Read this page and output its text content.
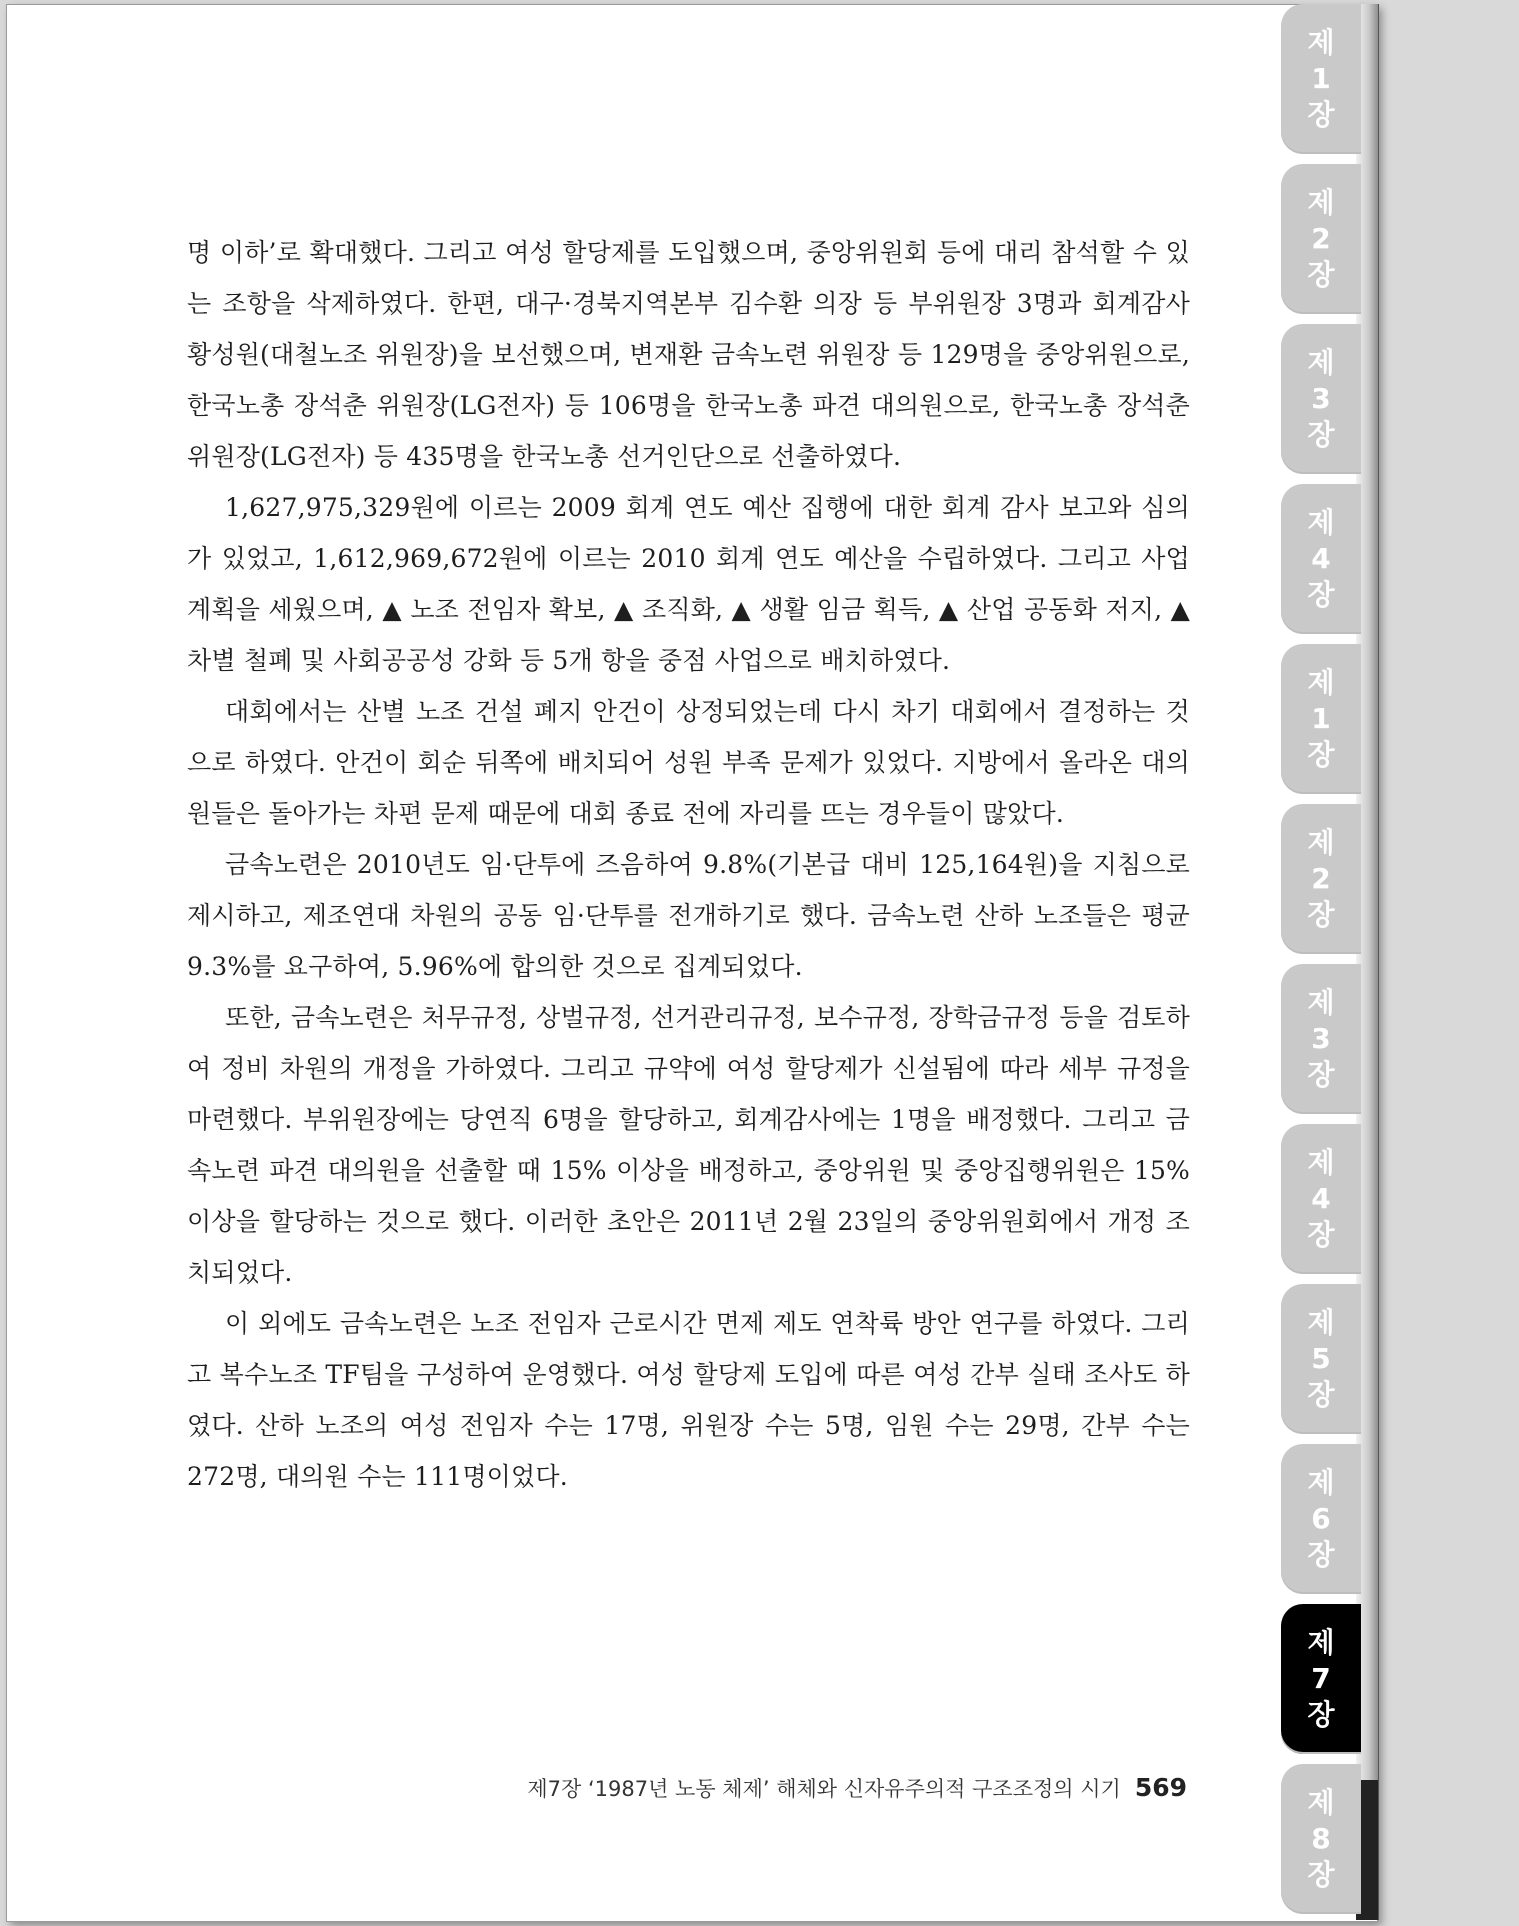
명 이하’로 확대했다. 그리고 여성 할당제를 도입했으며, 중앙위원회 등에 대리 참석할 수 있는 조항을 삭제하였다. 한편, 대구·경북지역본부 김수환 의장 등 부위원장 3명과 회계감사 황성원(대철노조 위원장)을 보선했으며, 변재환 금속노련 위원장 등 129명을 중앙위원으로, 한국노총 장석춘 위원장(LG전자) 등 106명을 한국노총 파견 대의원으로, 한국노총 장석춘 위원장(LG전자) 등 435명을 한국노총 선거인단으로 선출하였다.

1,627,975,329원에 이르는 2009 회계 연도 예산 집행에 대한 회계 감사 보고와 심의가 있었고, 1,612,969,672원에 이르는 2010 회계 연도 예산을 수립하였다. 그리고 사업 계획을 세웠으며, ▲ 노조 전임자 확보, ▲ 조직화, ▲ 생활 임금 획득, ▲ 산업 공동화 저지, ▲ 차별 철폐 및 사회공공성 강화 등 5개 항을 중점 사업으로 배치하였다.

대회에서는 산별 노조 건설 폐지 안건이 상정되었는데 다시 차기 대회에서 결정하는 것으로 하였다. 안건이 회순 뒤쪽에 배치되어 성원 부족 문제가 있었다. 지방에서 올라온 대의원들은 돌아가는 차편 문제 때문에 대회 종료 전에 자리를 뜨는 경우들이 많았다.

금속노련은 2010년도 임·단투에 즈음하여 9.8%(기본급 대비 125,164원)을 지침으로 제시하고, 제조연대 차원의 공동 임·단투를 전개하기로 했다. 금속노련 산하 노조들은 평균 9.3%를 요구하여, 5.96%에 합의한 것으로 집계되었다.

또한, 금속노련은 처무규정, 상벌규정, 선거관리규정, 보수규정, 장학금규정 등을 검토하여 정비 차원의 개정을 가하였다. 그리고 규약에 여성 할당제가 신설됨에 따라 세부 규정을 마련했다. 부위원장에는 당연직 6명을 할당하고, 회계감사에는 1명을 배정했다. 그리고 금속노련 파견 대의원을 선출할 때 15% 이상을 배정하고, 중앙위원 및 중앙집행위원은 15% 이상을 할당하는 것으로 했다. 이러한 초안은 2011년 2월 23일의 중앙위원회에서 개정 조치되었다.

이 외에도 금속노련은 노조 전임자 근로시간 면제 제도 연착륙 방안 연구를 하였다. 그리고 복수노조 TF팀을 구성하여 운영했다. 여성 할당제 도입에 따른 여성 간부 실태 조사도 하였다. 산하 노조의 여성 전임자 수는 17명, 위원장 수는 5명, 임원 수는 29명, 간부 수는 272명, 대의원 수는 111명이었다.

제7장 ‘1987년 노동 체제’ 해체와 신자유주의적 구조조정의 시기 569
제1장
제2장
제3장
제4장
제1장
제2장
제3장
제4장
제5장
제6장
제7장
제8장
